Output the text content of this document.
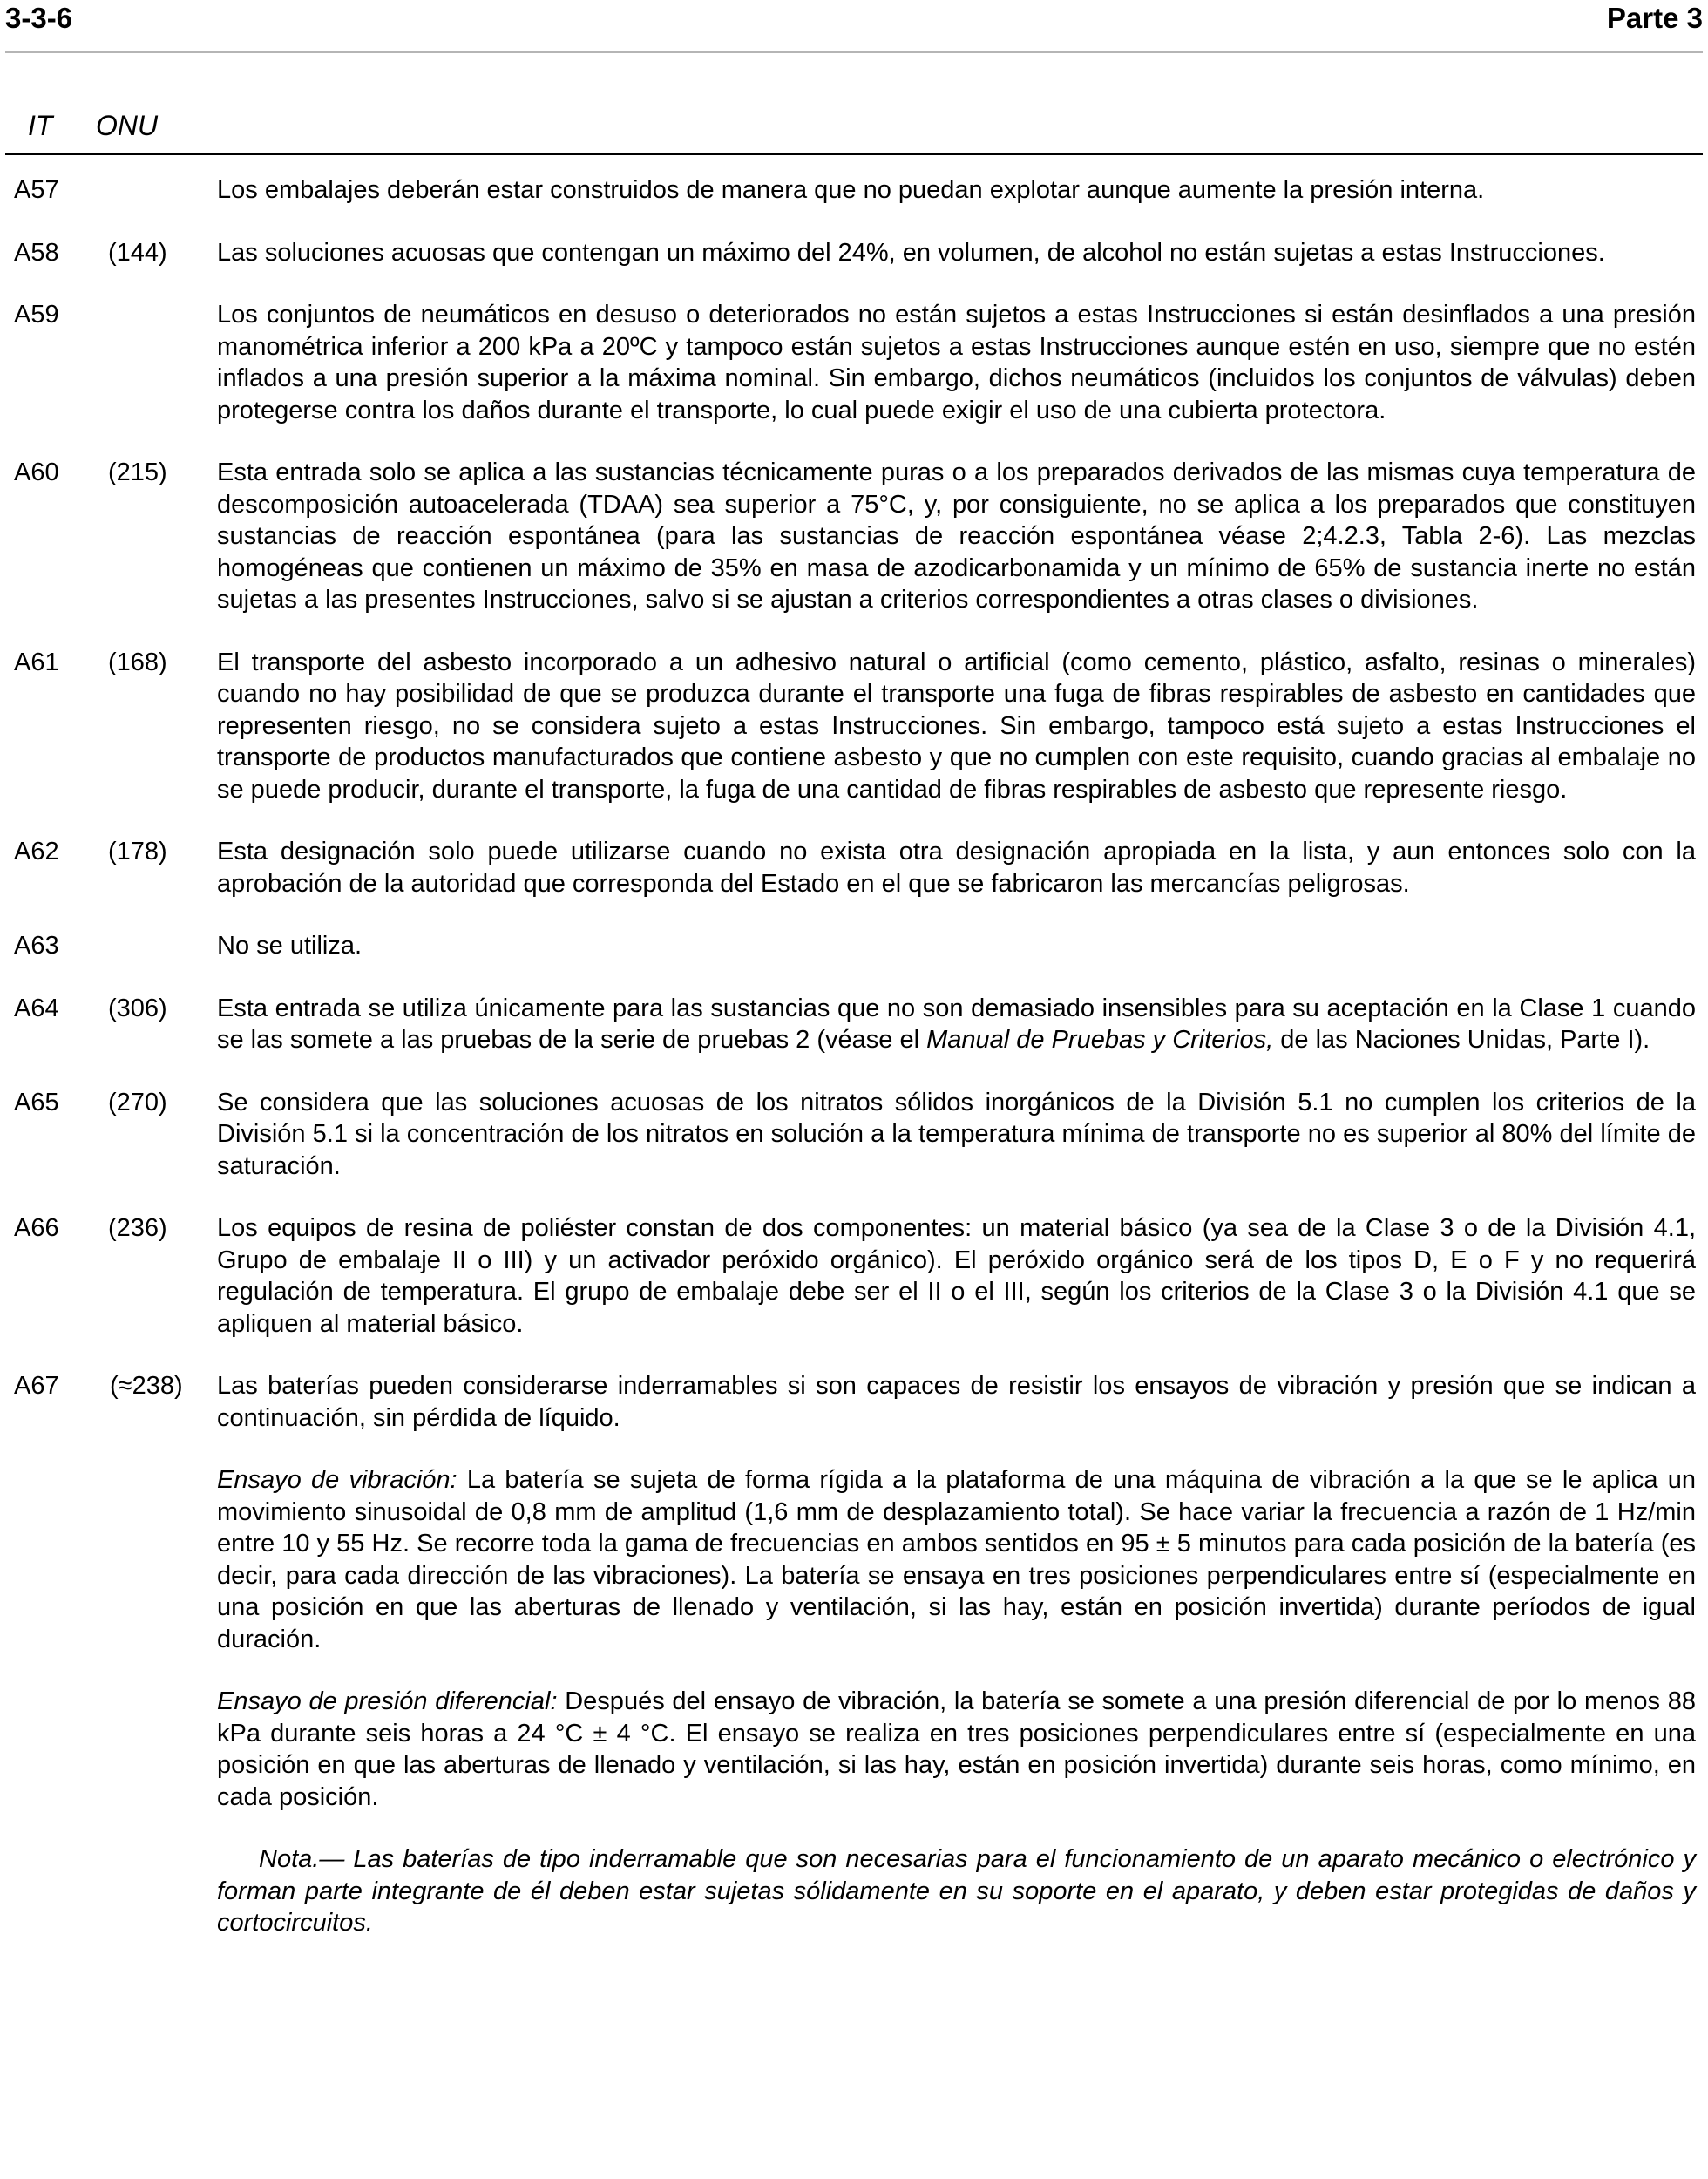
3-3-6	Parte 3
IT ONU
A57	Los embalajes deberán estar construidos de manera que no puedan explotar aunque aumente la presión interna.

A58 (144) Las soluciones acuosas que contengan un máximo del 24%, en volumen, de alcohol no están sujetas a estas Instrucciones.

A59	Los conjuntos de neumáticos en desuso o deteriorados no están sujetos a estas Instrucciones si están desinflados a una presión manométrica inferior a 200 kPa a 20ºC y tampoco están sujetos a estas Instrucciones aunque estén en uso, siempre que no estén inflados a una presión superior a la máxima nominal. Sin embargo, dichos neumáticos (incluidos los conjuntos de válvulas) deben protegerse contra los daños durante el transporte, lo cual puede exigir el uso de una cubierta protectora.

A60 (215) Esta entrada solo se aplica a las sustancias técnicamente puras o a los preparados derivados de las mismas cuya temperatura de descomposición autoacelerada (TDAA) sea superior a 75°C, y, por consiguiente, no se aplica a los preparados que constituyen sustancias de reacción espontánea (para las sustancias de reacción espontánea véase 2;4.2.3, Tabla 2-6). Las mezclas homogéneas que contienen un máximo de 35% en masa de azodicarbonamida y un mínimo de 65% de sustancia inerte no están sujetas a las presentes Instrucciones, salvo si se ajustan a criterios correspondientes a otras clases o divisiones.

A61 (168) El transporte del asbesto incorporado a un adhesivo natural o artificial (como cemento, plástico, asfalto, resinas o minerales) cuando no hay posibilidad de que se produzca durante el transporte una fuga de fibras respirables de asbesto en cantidades que representen riesgo, no se considera sujeto a estas Instrucciones. Sin embargo, tampoco está sujeto a estas Instrucciones el transporte de productos manufacturados que contiene asbesto y que no cumplen con este requisito, cuando gracias al embalaje no se puede producir, durante el transporte, la fuga de una cantidad de fibras respirables de asbesto que represente riesgo.

A62 (178) Esta designación solo puede utilizarse cuando no exista otra designación apropiada en la lista, y aun entonces solo con la aprobación de la autoridad que corresponda del Estado en el que se fabricaron las mercancías peligrosas.

A63	No se utiliza.

A64 (306) Esta entrada se utiliza únicamente para las sustancias que no son demasiado insensibles para su aceptación en la Clase 1 cuando se las somete a las pruebas de la serie de pruebas 2 (véase el Manual de Pruebas y Criterios, de las Naciones Unidas, Parte I).

A65 (270) Se considera que las soluciones acuosas de los nitratos sólidos inorgánicos de la División 5.1 no cumplen los criterios de la División 5.1 si la concentración de los nitratos en solución a la temperatura mínima de transporte no es superior al 80% del límite de saturación.

A66 (236) Los equipos de resina de poliéster constan de dos componentes: un material básico (ya sea de la Clase 3 o de la División 4.1, Grupo de embalaje II o III) y un activador peróxido orgánico). El peróxido orgánico será de los tipos D, E o F y no requerirá regulación de temperatura. El grupo de embalaje debe ser el II o el III, según los criterios de la Clase 3 o la División 4.1 que se apliquen al material básico.

A67 (≈238) Las baterías pueden considerarse inderramables si son capaces de resistir los ensayos de vibración y presión que se indican a continuación, sin pérdida de líquido.

Ensayo de vibración: La batería se sujeta de forma rígida a la plataforma de una máquina de vibración a la que se le aplica un movimiento sinusoidal de 0,8 mm de amplitud (1,6 mm de desplazamiento total). Se hace variar la frecuencia a razón de 1 Hz/min entre 10 y 55 Hz. Se recorre toda la gama de frecuencias en ambos sentidos en 95 ± 5 minutos para cada posición de la batería (es decir, para cada dirección de las vibraciones). La batería se ensaya en tres posiciones perpendiculares entre sí (especialmente en una posición en que las aberturas de llenado y ventilación, si las hay, están en posición invertida) durante períodos de igual duración.

Ensayo de presión diferencial: Después del ensayo de vibración, la batería se somete a una presión diferencial de por lo menos 88 kPa durante seis horas a 24 °C ± 4 °C. El ensayo se realiza en tres posiciones perpendiculares entre sí (especialmente en una posición en que las aberturas de llenado y ventilación, si las hay, están en posición invertida) durante seis horas, como mínimo, en cada posición.

Nota.— Las baterías de tipo inderramable que son necesarias para el funcionamiento de un aparato mecánico o electrónico y forman parte integrante de él deben estar sujetas sólidamente en su soporte en el aparato, y deben estar protegidas de daños y cortocircuitos.
